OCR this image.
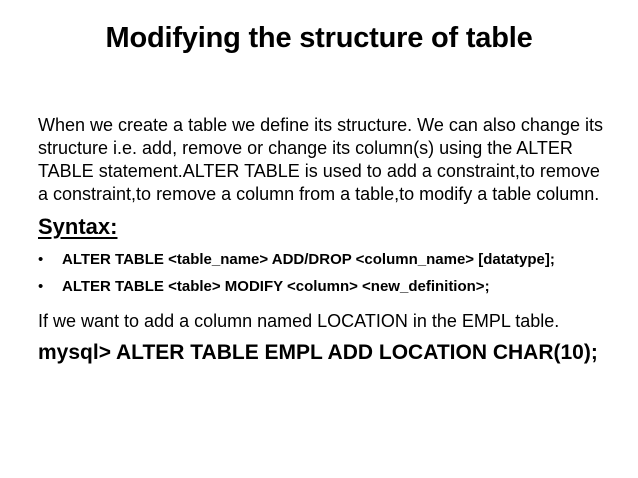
Modifying the structure of table

When we create a table we define its structure. We can also change its structure i.e. add, remove or change its column(s) using the ALTER TABLE statement.ALTER TABLE is used to add a constraint,to remove a constraint,to remove a column from a table,to modify a table column.

Syntax:
• ALTER TABLE <table_name> ADD/DROP <column_name> [datatype];
• ALTER TABLE <table> MODIFY <column> <new_definition>;

If we want to add a column named LOCATION in the EMPL table.

mysql> ALTER TABLE EMPL ADD LOCATION CHAR(10);
